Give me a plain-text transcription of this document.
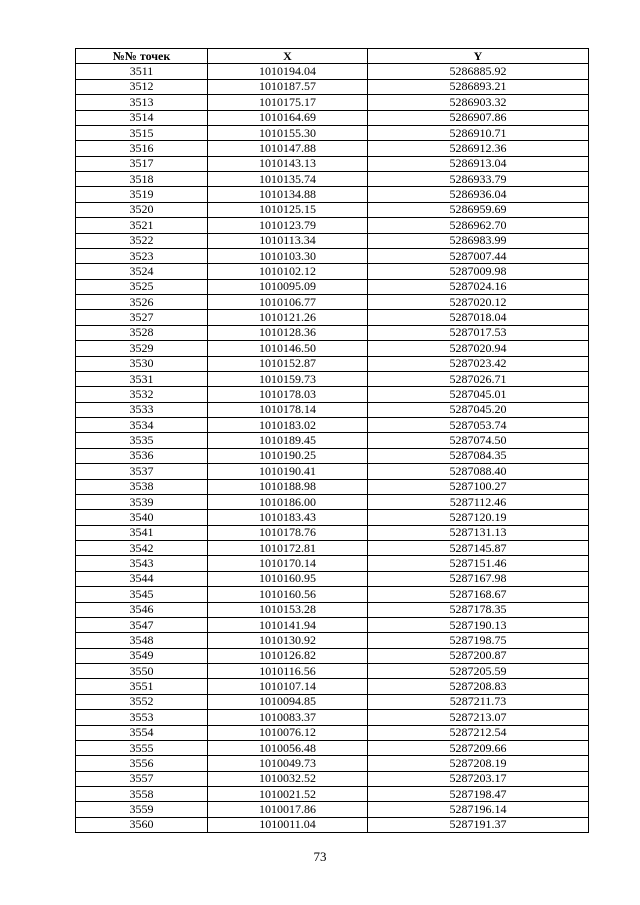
№№ точек	X	Y
3511	1010194.04	5286885.92
3512	1010187.57	5286893.21
3513	1010175.17	5286903.32
3514	1010164.69	5286907.86
3515	1010155.30	5286910.71
3516	1010147.88	5286912.36
3517	1010143.13	5286913.04
3518	1010135.74	5286933.79
3519	1010134.88	5286936.04
3520	1010125.15	5286959.69
3521	1010123.79	5286962.70
3522	1010113.34	5286983.99
3523	1010103.30	5287007.44
3524	1010102.12	5287009.98
3525	1010095.09	5287024.16
3526	1010106.77	5287020.12
3527	1010121.26	5287018.04
3528	1010128.36	5287017.53
3529	1010146.50	5287020.94
3530	1010152.87	5287023.42
3531	1010159.73	5287026.71
3532	1010178.03	5287045.01
3533	1010178.14	5287045.20
3534	1010183.02	5287053.74
3535	1010189.45	5287074.50
3536	1010190.25	5287084.35
3537	1010190.41	5287088.40
3538	1010188.98	5287100.27
3539	1010186.00	5287112.46
3540	1010183.43	5287120.19
3541	1010178.76	5287131.13
3542	1010172.81	5287145.87
3543	1010170.14	5287151.46
3544	1010160.95	5287167.98
3545	1010160.56	5287168.67
3546	1010153.28	5287178.35
3547	1010141.94	5287190.13
3548	1010130.92	5287198.75
3549	1010126.82	5287200.87
3550	1010116.56	5287205.59
3551	1010107.14	5287208.83
3552	1010094.85	5287211.73
3553	1010083.37	5287213.07
3554	1010076.12	5287212.54
3555	1010056.48	5287209.66
3556	1010049.73	5287208.19
3557	1010032.52	5287203.17
3558	1010021.52	5287198.47
3559	1010017.86	5287196.14
3560	1010011.04	5287191.37
73
